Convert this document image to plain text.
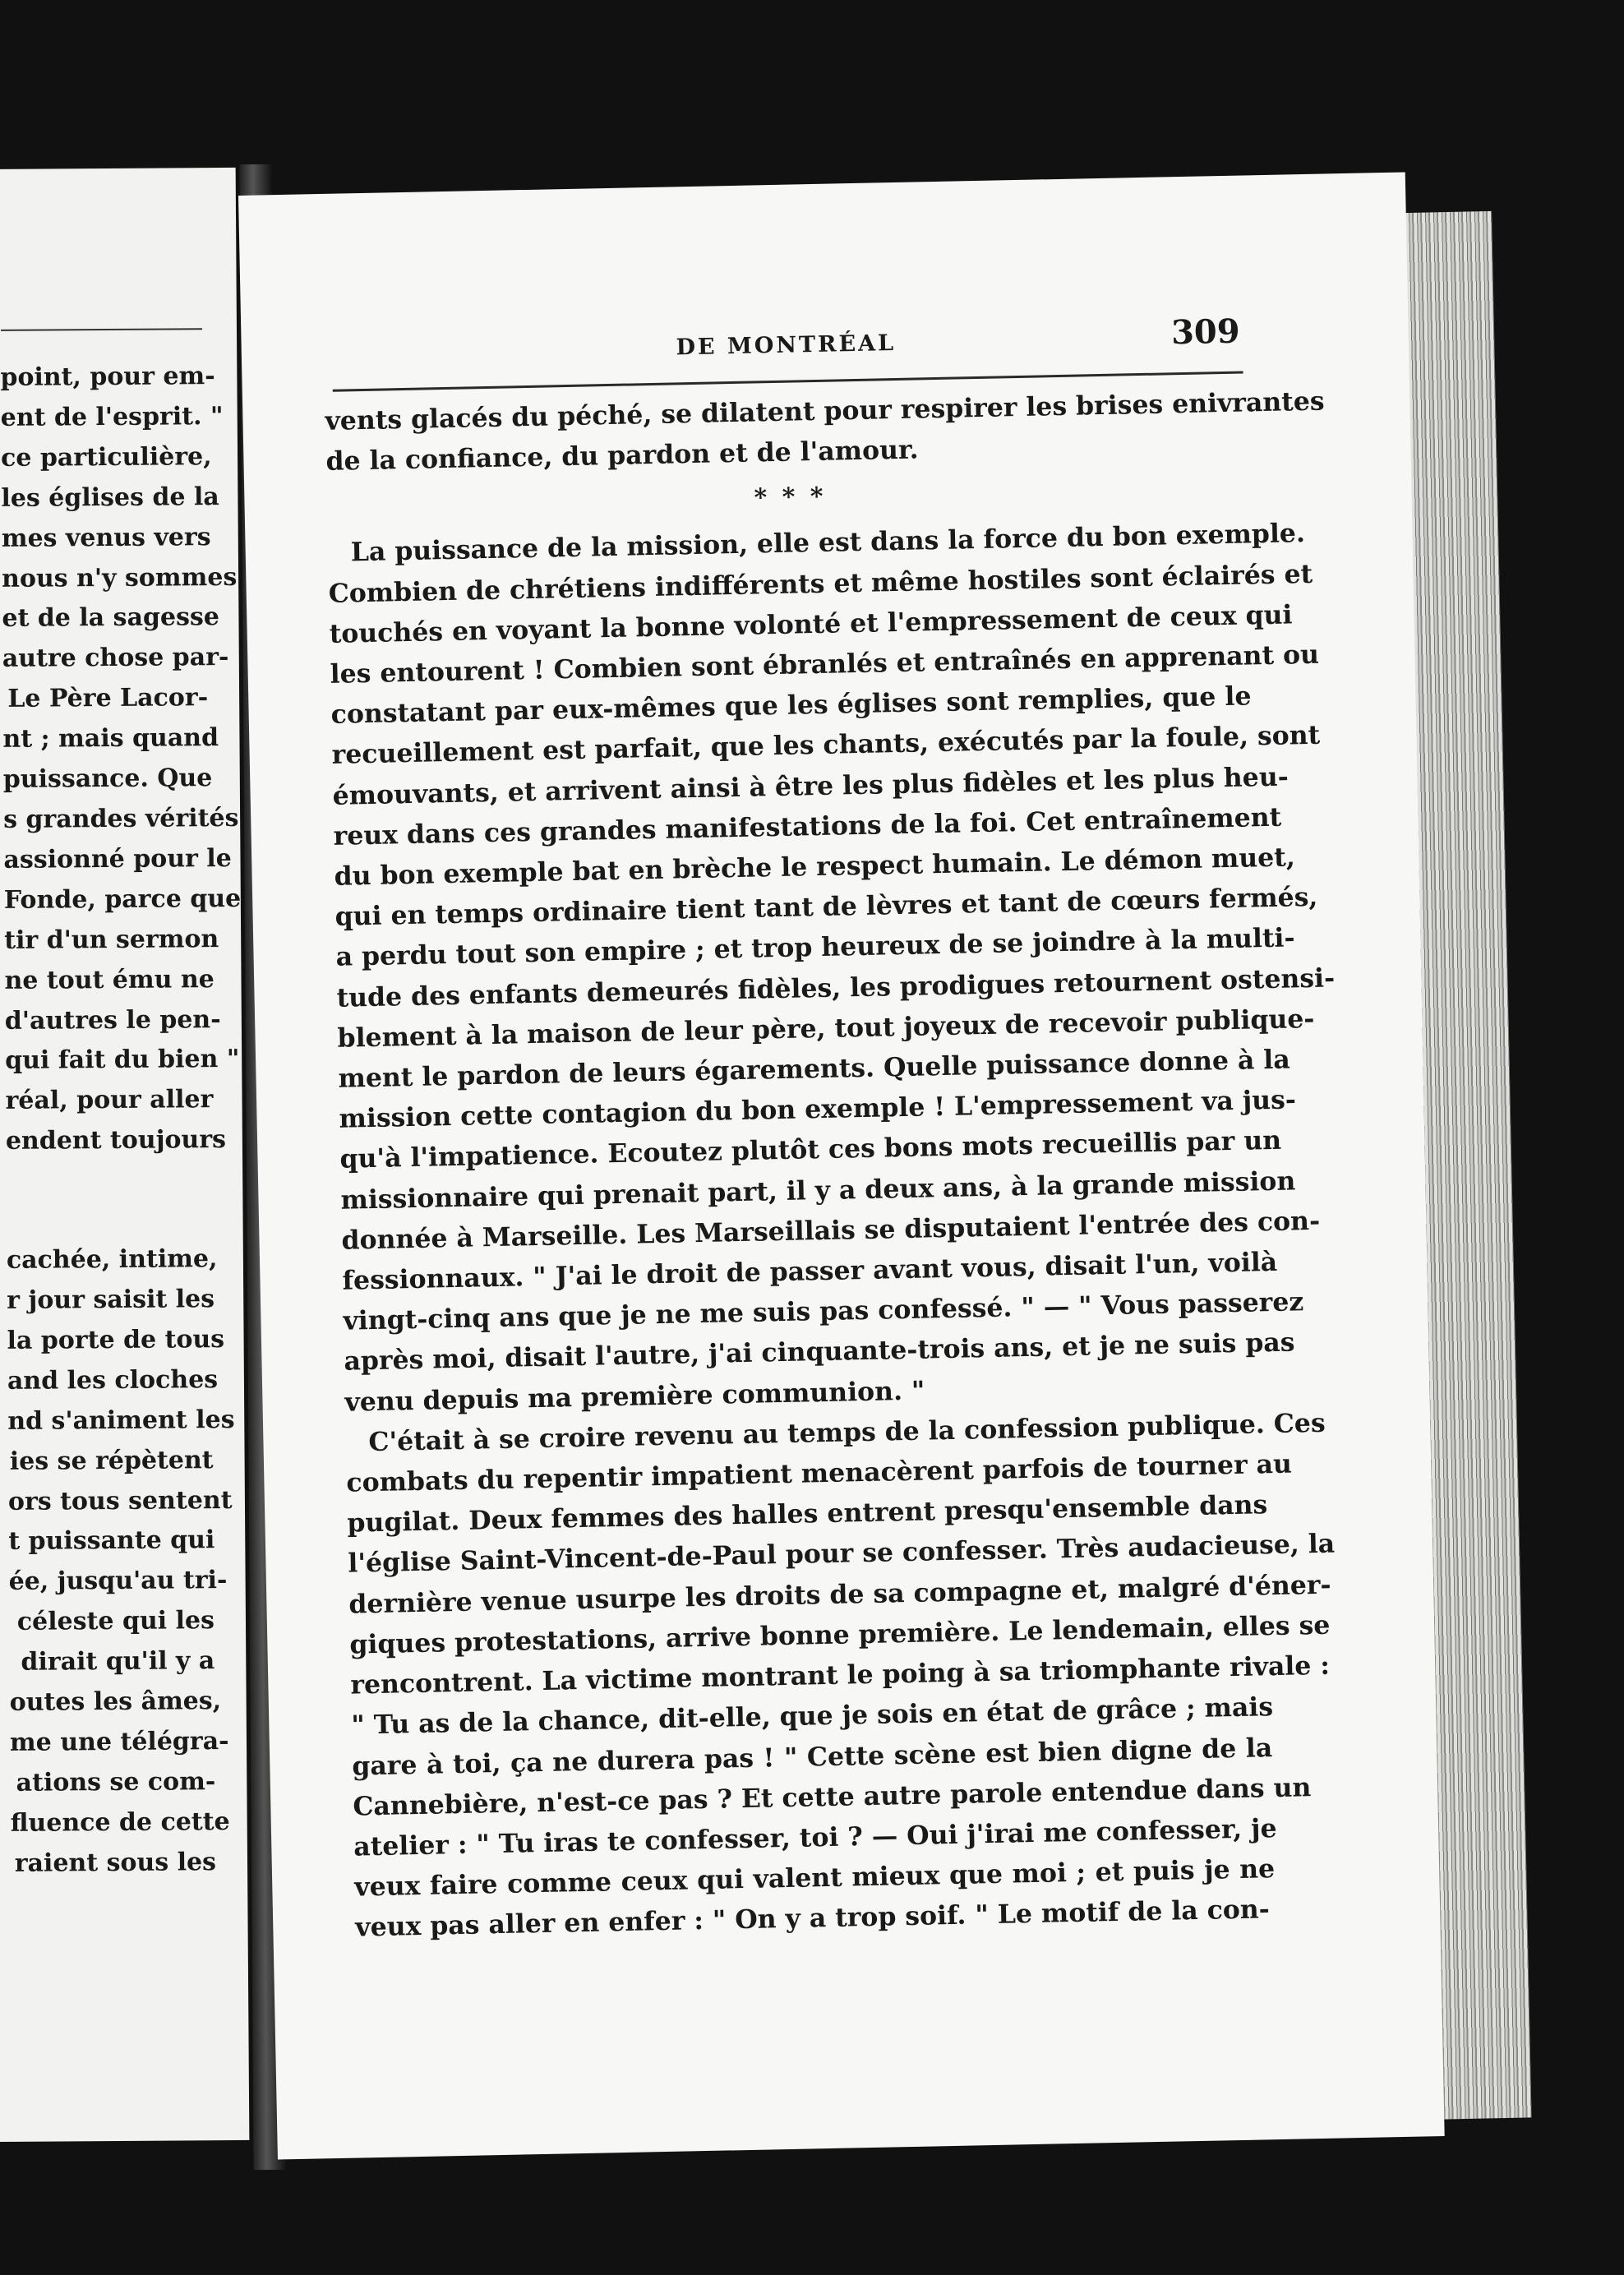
point, pour em-
ent de l'esprit. "
ce particulière,
les églises de la
mes venus vers
nous n'y sommes
et de la sagesse
autre chose par-
Le Père Lacor-
nt ; mais quand
puissance. Que
s grandes vérités
assionné pour le
Fonde, parce que
tir d'un sermon
ne tout ému ne
d'autres le pen-
qui fait du bien "
réal, pour aller
endent toujours

cachée, intime,
r jour saisit les
la porte de tous
and les cloches
nd s'animent les
ies se répètent
ors tous sentent
t puissante qui
ée, jusqu'au tri-
céleste qui les
dirait qu'il y a
outes les âmes,
me une télégra-
ations se com-
fluence de cette
raient sous les
DE MONTRÉAL	309
vents glacés du péché, se dilatent pour respirer les brises enivrantes
de la confiance, du pardon et de l'amour.
* * *
La puissance de la mission, elle est dans la force du bon exemple.
Combien de chrétiens indifférents et même hostiles sont éclairés et
touchés en voyant la bonne volonté et l'empressement de ceux qui
les entourent ! Combien sont ébranlés et entraînés en apprenant ou
constatant par eux-mêmes que les églises sont remplies, que le
recueillement est parfait, que les chants, exécutés par la foule, sont
émouvants, et arrivent ainsi à être les plus fidèles et les plus heu-
reux dans ces grandes manifestations de la foi. Cet entraînement
du bon exemple bat en brèche le respect humain. Le démon muet,
qui en temps ordinaire tient tant de lèvres et tant de cœurs fermés,
a perdu tout son empire ; et trop heureux de se joindre à la multi-
tude des enfants demeurés fidèles, les prodigues retournent ostensi-
blement à la maison de leur père, tout joyeux de recevoir publique-
ment le pardon de leurs égarements. Quelle puissance donne à la
mission cette contagion du bon exemple ! L'empressement va jus-
qu'à l'impatience. Ecoutez plutôt ces bons mots recueillis par un
missionnaire qui prenait part, il y a deux ans, à la grande mission
donnée à Marseille. Les Marseillais se disputaient l'entrée des con-
fessionnaux. " J'ai le droit de passer avant vous, disait l'un, voilà
vingt-cinq ans que je ne me suis pas confessé. " — " Vous passerez
après moi, disait l'autre, j'ai cinquante-trois ans, et je ne suis pas
venu depuis ma première communion. "
C'était à se croire revenu au temps de la confession publique. Ces
combats du repentir impatient menacèrent parfois de tourner au
pugilat. Deux femmes des halles entrent presqu'ensemble dans
l'église Saint-Vincent-de-Paul pour se confesser. Très audacieuse, la
dernière venue usurpe les droits de sa compagne et, malgré d'éner-
giques protestations, arrive bonne première. Le lendemain, elles se
rencontrent. La victime montrant le poing à sa triomphante rivale :
" Tu as de la chance, dit-elle, que je sois en état de grâce ; mais
gare à toi, ça ne durera pas ! " Cette scène est bien digne de la
Cannebière, n'est-ce pas ? Et cette autre parole entendue dans un
atelier : " Tu iras te confesser, toi ? — Oui j'irai me confesser, je
veux faire comme ceux qui valent mieux que moi ; et puis je ne
veux pas aller en enfer : " On y a trop soif. " Le motif de la con-
